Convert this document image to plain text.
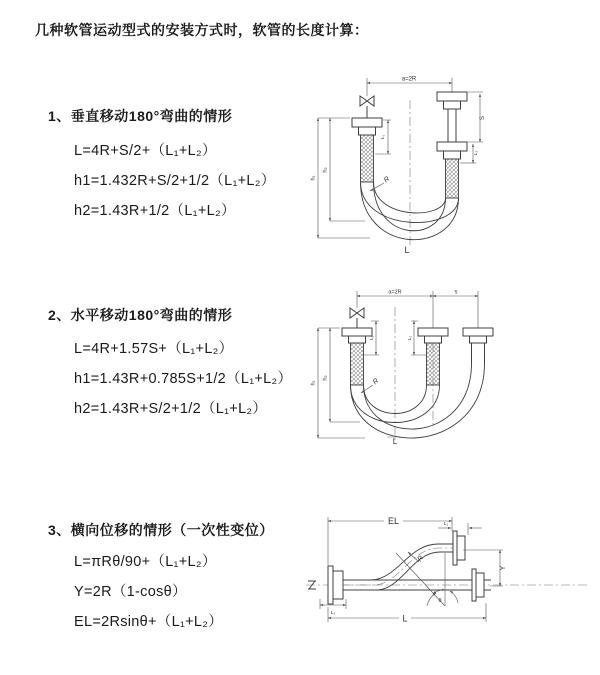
几种软管运动型式的安装方式时，软管的长度计算：
1、垂直移动180°弯曲的情形
L=4R+S/2+（L₁+L₂）
h1=1.432R+S/2+1/2（L₁+L₂）
h2=1.43R+1/2（L₁+L₂）
a=2R
L₁
h₁
h₂
S
L₂
R
L
2、水平移动180°弯曲的情形
L=4R+1.57S+（L₁+L₂）
h1=1.43R+0.785S+1/2（L₁+L₂）
h2=1.43R+S/2+1/2（L₁+L₂）
a=2R	s
L₁	L₂
h₁
h₂	R
L
3、横向位移的情形（一次性变位）
L=πRθ/90+（L₁+L₂）
Y=2R（1-cosθ）
EL=2Rsinθ+（L₁+L₂）
θ
R
EL	L₂
Y
L
L₁
